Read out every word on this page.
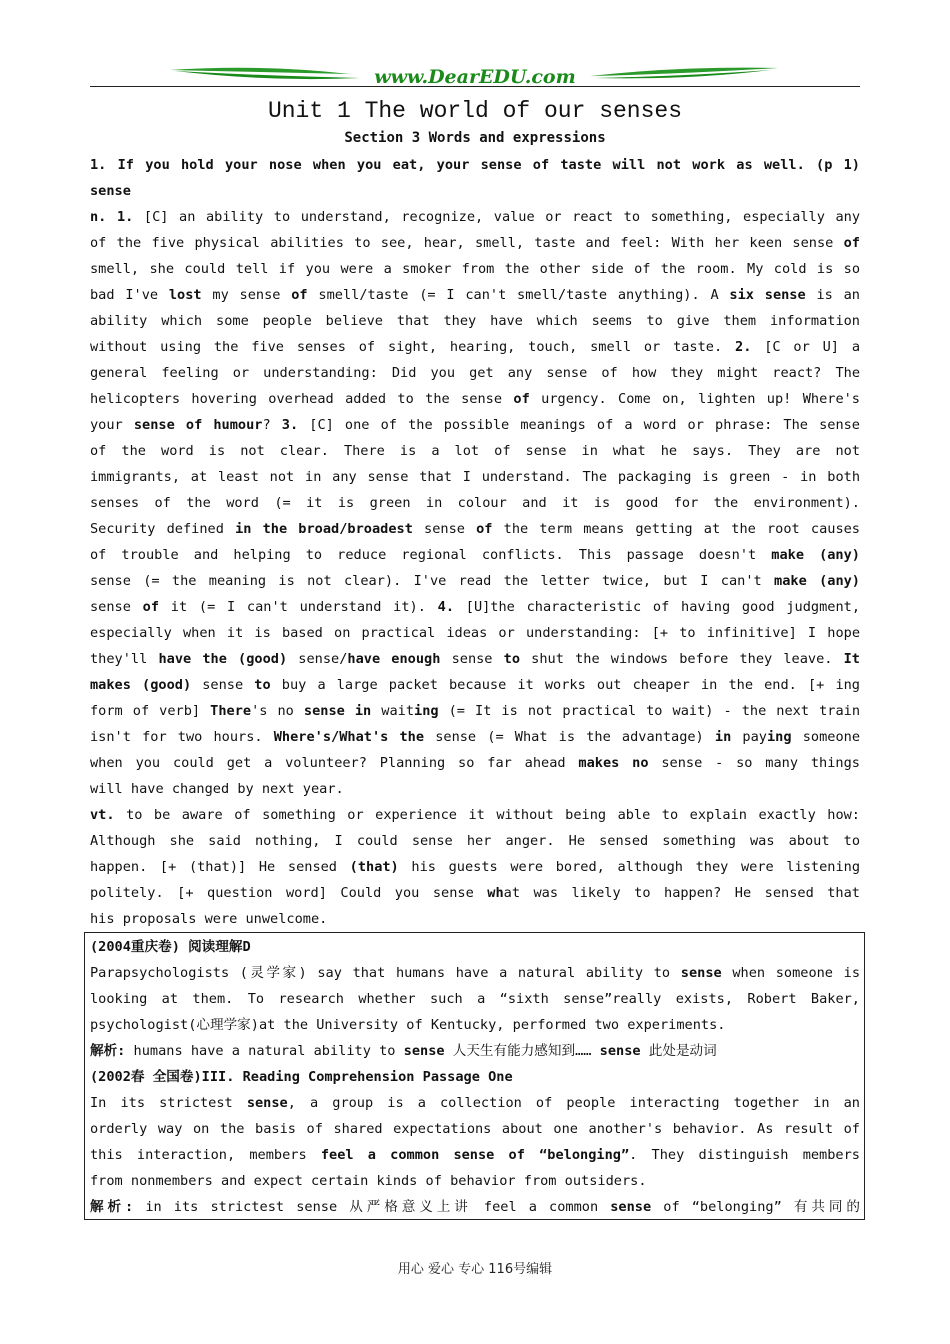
www.DearEDU.com
Unit 1 The world of our senses
Section 3 Words and expressions
1. If you hold your nose when you eat, your sense of taste will not work as well. (p 1)
sense
n. 1. [C] an ability to understand, recognize, value or react to something, especially any
of the five physical abilities to see, hear, smell, taste and feel: With her keen sense of
smell, she could tell if you were a smoker from the other side of the room. My cold is so
bad I've lost my sense of smell/taste (= I can't smell/taste anything). A six sense is an
ability which some people believe that they have which seems to give them information
without using the five senses of sight, hearing, touch, smell or taste. 2. [C or U] a
general feeling or understanding: Did you get any sense of how they might react? The
helicopters hovering overhead added to the sense of urgency. Come on, lighten up! Where's
your sense of humour? 3. [C] one of the possible meanings of a word or phrase: The sense
of the word is not clear. There is a lot of sense in what he says. They are not
immigrants, at least not in any sense that I understand. The packaging is green - in both
senses of the word (= it is green in colour and it is good for the environment).
Security defined in the broad/broadest sense of the term means getting at the root causes
of trouble and helping to reduce regional conflicts. This passage doesn't make (any)
sense (= the meaning is not clear). I've read the letter twice, but I can't make (any)
sense of it (= I can't understand it). 4. [U]the characteristic of having good judgment,
especially when it is based on practical ideas or understanding: [+ to infinitive] I hope
they'll have the (good) sense/have enough sense to shut the windows before they leave. It
makes (good) sense to buy a large packet because it works out cheaper in the end. [+ ing
form of verb] There's no sense in waiting (= It is not practical to wait) - the next train
isn't for two hours. Where's/What's the sense (= What is the advantage) in paying someone
when you could get a volunteer? Planning so far ahead makes no sense - so many things
will have changed by next year.
vt. to be aware of something or experience it without being able to explain exactly how:
Although she said nothing, I could sense her anger. He sensed something was about to
happen. [+ (that)] He sensed (that) his guests were bored, although they were listening
politely. [+ question word] Could you sense what was likely to happen? He sensed that
his proposals were unwelcome.
(2004重庆卷) 阅读理解D
Parapsychologists (灵学家) say that humans have a natural ability to sense when someone is
looking at them. To research whether such a “sixth sense”really exists, Robert Baker,
psychologist(心理学家)at the University of Kentucky, performed two experiments.
解析: humans have a natural ability to sense 人天生有能力感知到…… sense 此处是动词
(2002春 全国卷)III. Reading Comprehension Passage One
In its strictest sense, a group is a collection of people interacting together in an
orderly way on the basis of shared expectations about one another's behavior. As result of
this interaction, members feel a common sense of “belonging”. They distinguish members
from nonmembers and expect certain kinds of behavior from outsiders.
解析: in its strictest sense 从严格意义上讲 feel a common sense of “belonging” 有共同的
用心 爱心 专心 116号编辑
